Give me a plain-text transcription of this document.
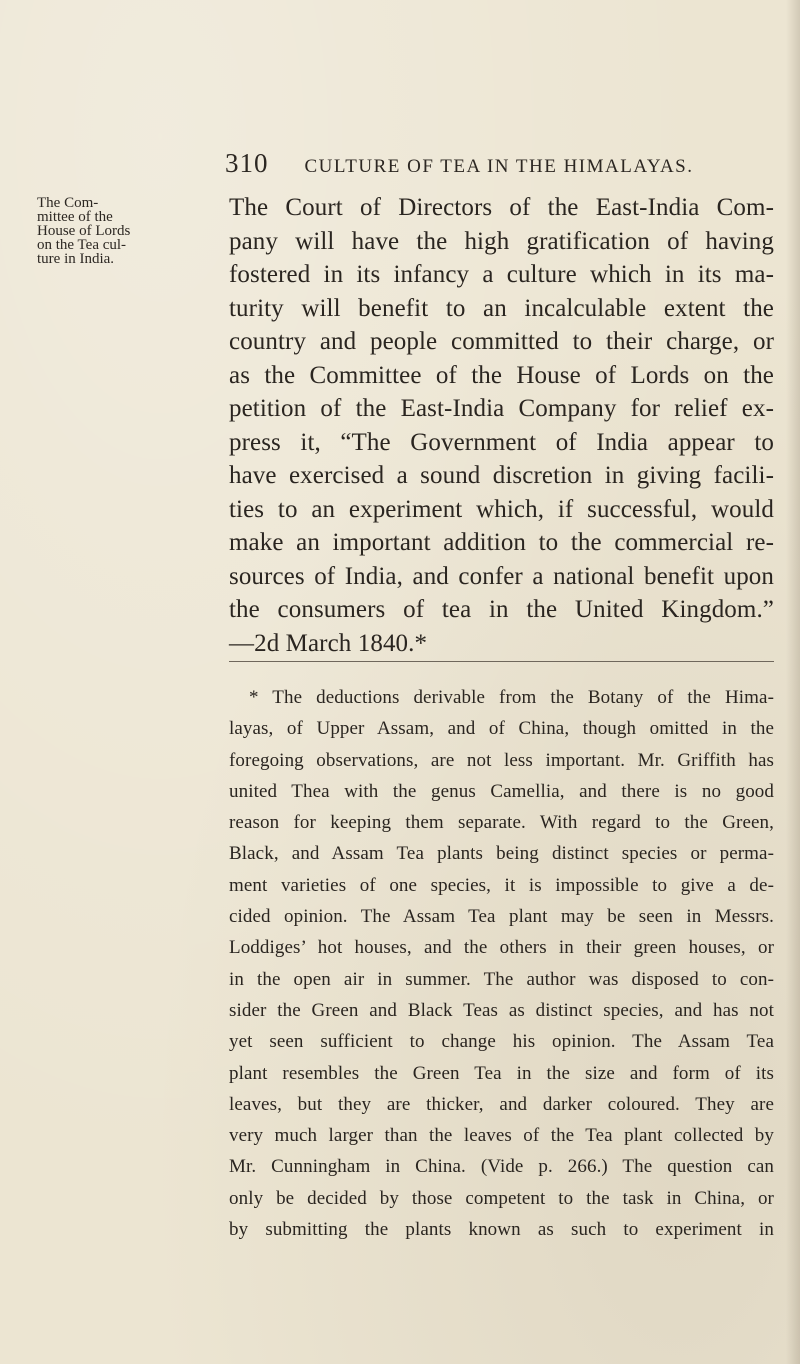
310 CULTURE OF TEA IN THE HIMALAYAS.
The Com-
mittee of the
House of Lords
on the Tea cul-
ture in India.
The Court of Directors of the East-India Com-
pany will have the high gratification of having
fostered in its infancy a culture which in its ma-
turity will benefit to an incalculable extent the
country and people committed to their charge, or
as the Committee of the House of Lords on the
petition of the East-India Company for relief ex-
press it, “The Government of India appear to
have exercised a sound discretion in giving facili-
ties to an experiment which, if successful, would
make an important addition to the commercial re-
sources of India, and confer a national benefit upon
the consumers of tea in the United Kingdom.”
—2d March 1840.*
* The deductions derivable from the Botany of the Hima-
layas, of Upper Assam, and of China, though omitted in the
foregoing observations, are not less important. Mr. Griffith has
united Thea with the genus Camellia, and there is no good
reason for keeping them separate. With regard to the Green,
Black, and Assam Tea plants being distinct species or perma-
ment varieties of one species, it is impossible to give a de-
cided opinion. The Assam Tea plant may be seen in Messrs.
Loddiges’ hot houses, and the others in their green houses, or
in the open air in summer. The author was disposed to con-
sider the Green and Black Teas as distinct species, and has not
yet seen sufficient to change his opinion. The Assam Tea
plant resembles the Green Tea in the size and form of its
leaves, but they are thicker, and darker coloured. They are
very much larger than the leaves of the Tea plant collected by
Mr. Cunningham in China. (Vide p. 266.) The question can
only be decided by those competent to the task in China, or
by submitting the plants known as such to experiment in
